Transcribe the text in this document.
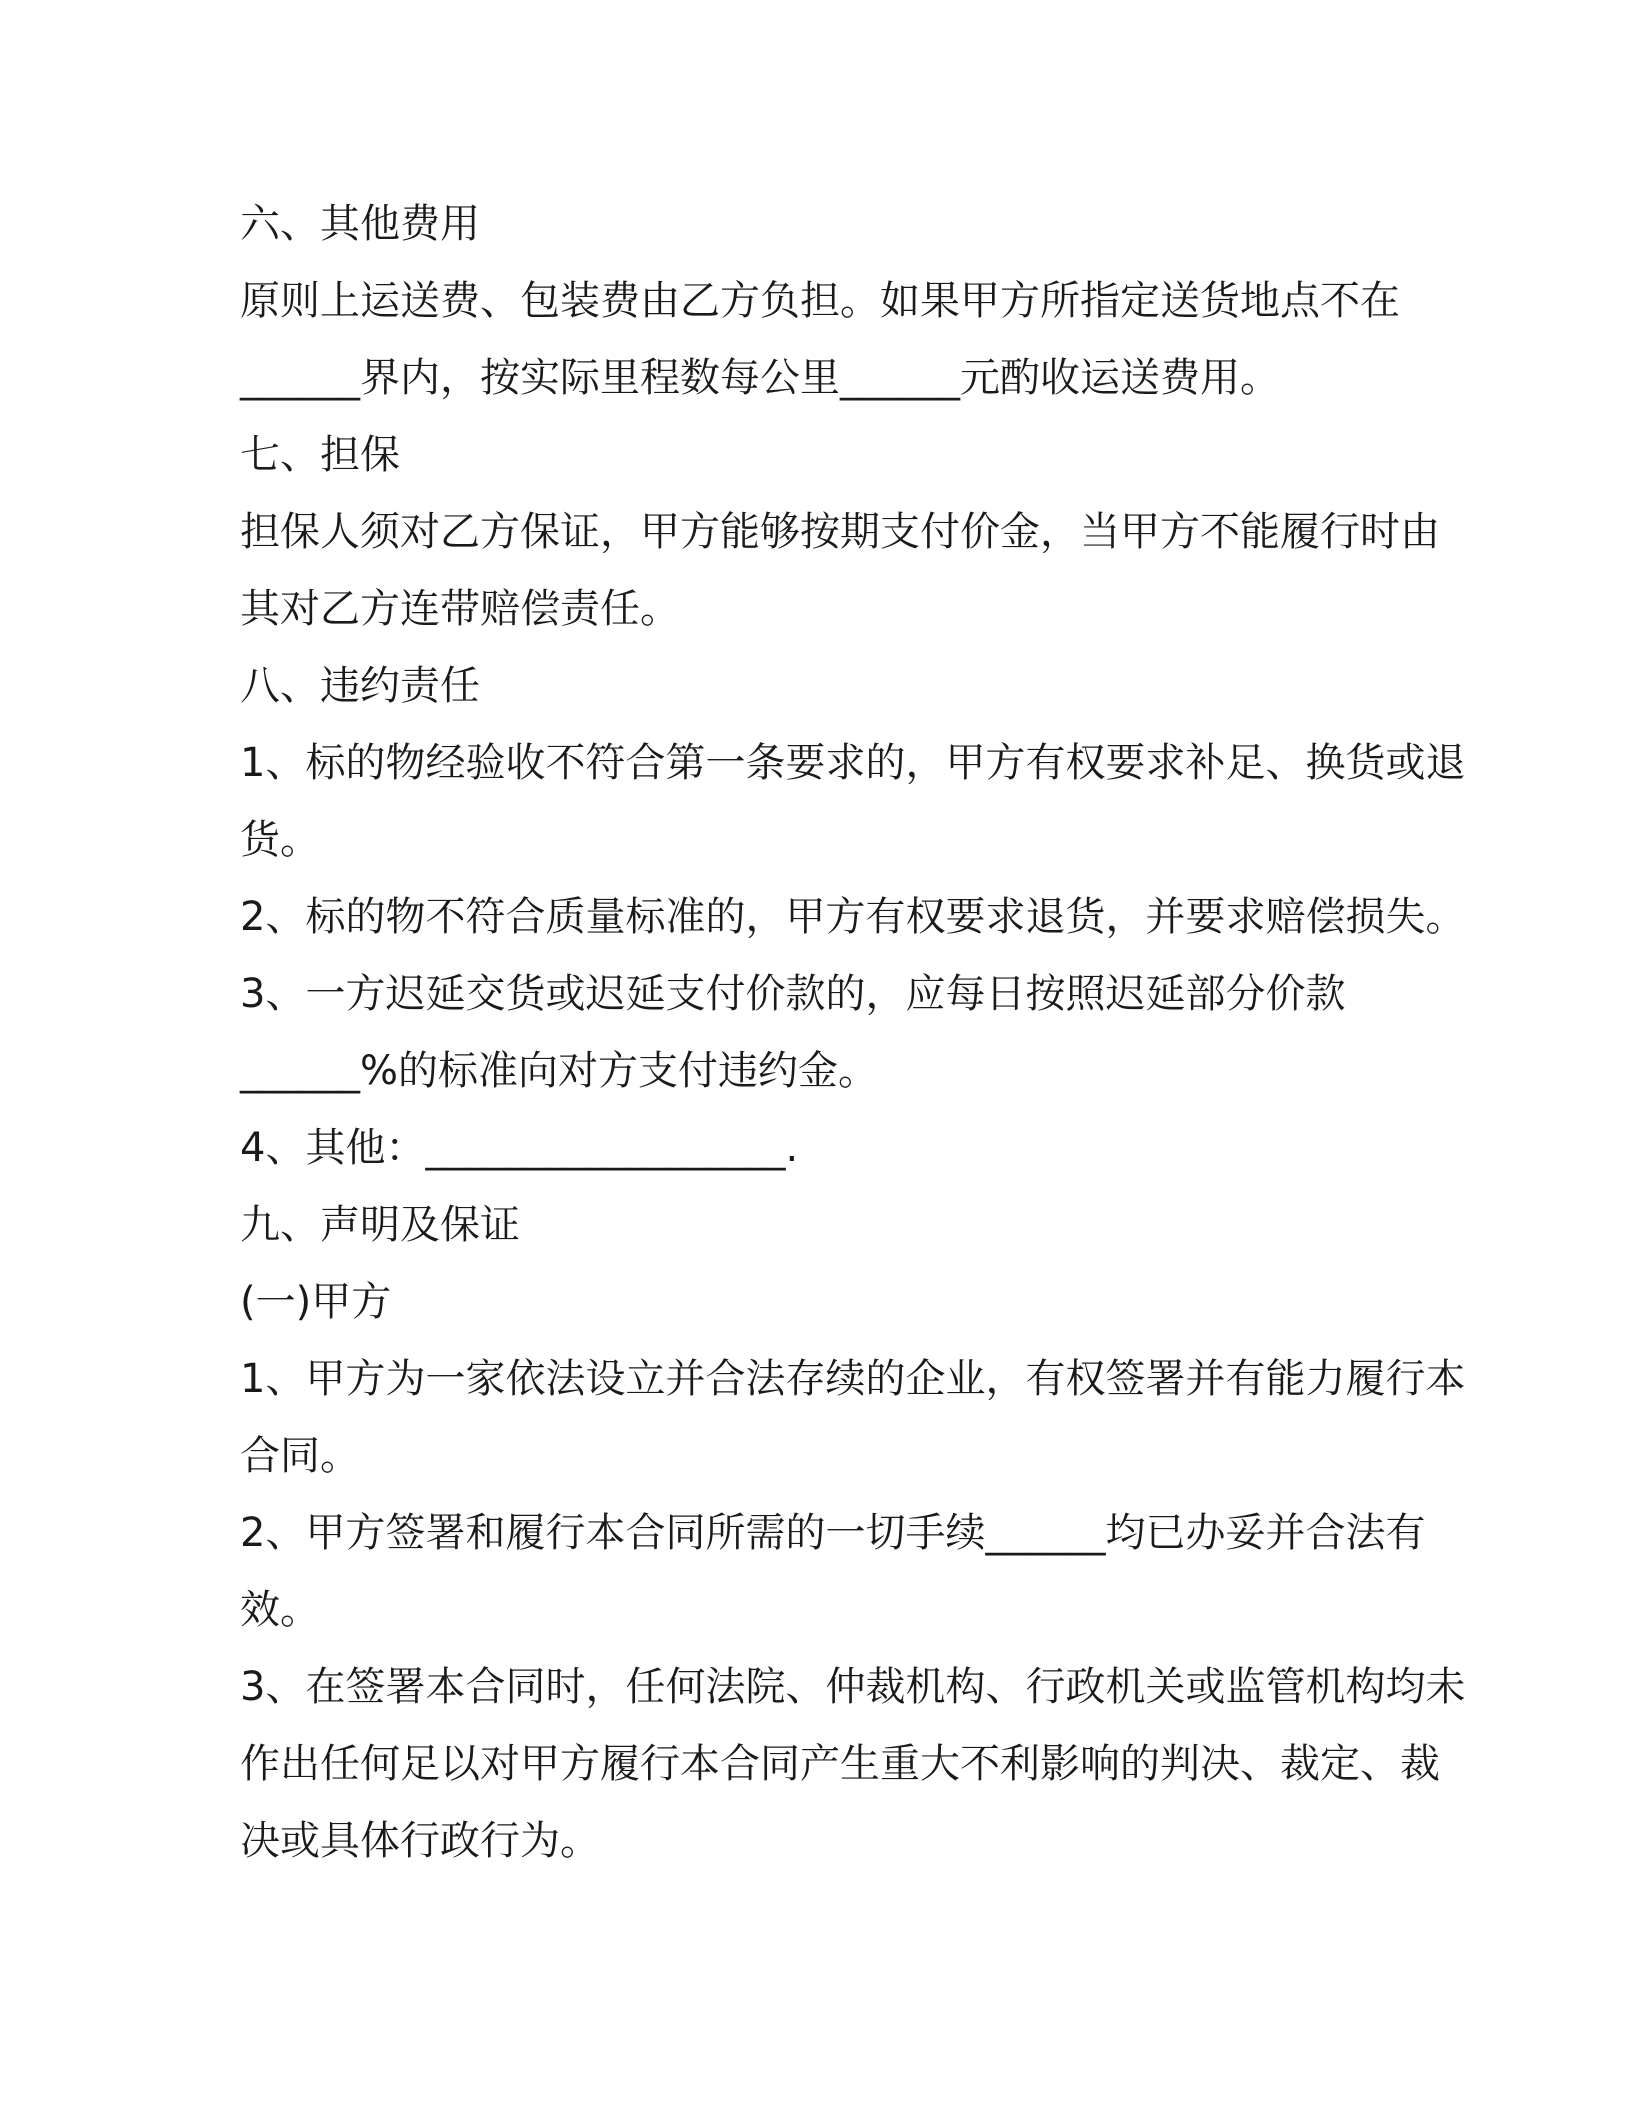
六、其他费用
原则上运送费、包装费由乙方负担。如果甲方所指定送货地点不在
______界内，按实际里程数每公里______元酌收运送费用。
七、担保
担保人须对乙方保证，甲方能够按期支付价金，当甲方不能履行时由
其对乙方连带赔偿责任。
八、违约责任
1、标的物经验收不符合第一条要求的，甲方有权要求补足、换货或退
货。
2、标的物不符合质量标准的，甲方有权要求退货，并要求赔偿损失。
3、一方迟延交货或迟延支付价款的，应每日按照迟延部分价款
______%的标准向对方支付违约金。
4、其他：__________________.
九、声明及保证
(一)甲方
1、甲方为一家依法设立并合法存续的企业，有权签署并有能力履行本
合同。
2、甲方签署和履行本合同所需的一切手续______均已办妥并合法有
效。
3、在签署本合同时，任何法院、仲裁机构、行政机关或监管机构均未
作出任何足以对甲方履行本合同产生重大不利影响的判决、裁定、裁
决或具体行政行为。
